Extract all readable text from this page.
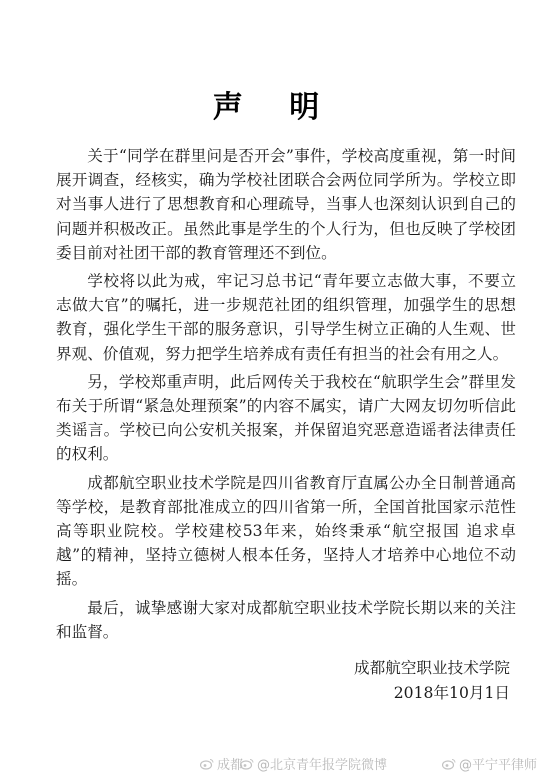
声 明

关于“同学在群里问是否开会”事件，学校高度重视，第一时间展开调查，经核实，确为学校社团联合会两位同学所为。学校立即对当事人进行了思想教育和心理疏导，当事人也深刻认识到自己的问题并积极改正。虽然此事是学生的个人行为，但也反映了学校团委目前对社团干部的教育管理还不到位。

学校将以此为戒，牢记习总书记“青年要立志做大事，不要立志做大官”的嘱托，进一步规范社团的组织管理，加强学生的思想教育，强化学生干部的服务意识，引导学生树立正确的人生观、世界观、价值观，努力把学生培养成有责任有担当的社会有用之人。

另，学校郑重声明，此后网传关于我校在“航职学生会”群里发布关于所谓“紧急处理预案”的内容不属实，请广大网友切勿听信此类谣言。学校已向公安机关报案，并保留追究恶意造谣者法律责任的权利。

成都航空职业技术学院是四川省教育厅直属公办全日制普通高等学校，是教育部批准成立的四川省第一所，全国首批国家示范性高等职业院校。学校建校53年来，始终秉承“航空报国 追求卓越”的精神，坚持立德树人根本任务，坚持人才培养中心地位不动摇。

最后，诚挚感谢大家对成都航空职业技术学院长期以来的关注和监督。

成都航空职业技术学院
2018年10月1日
成都	@北京青年报学院微博	@平宁平律师
